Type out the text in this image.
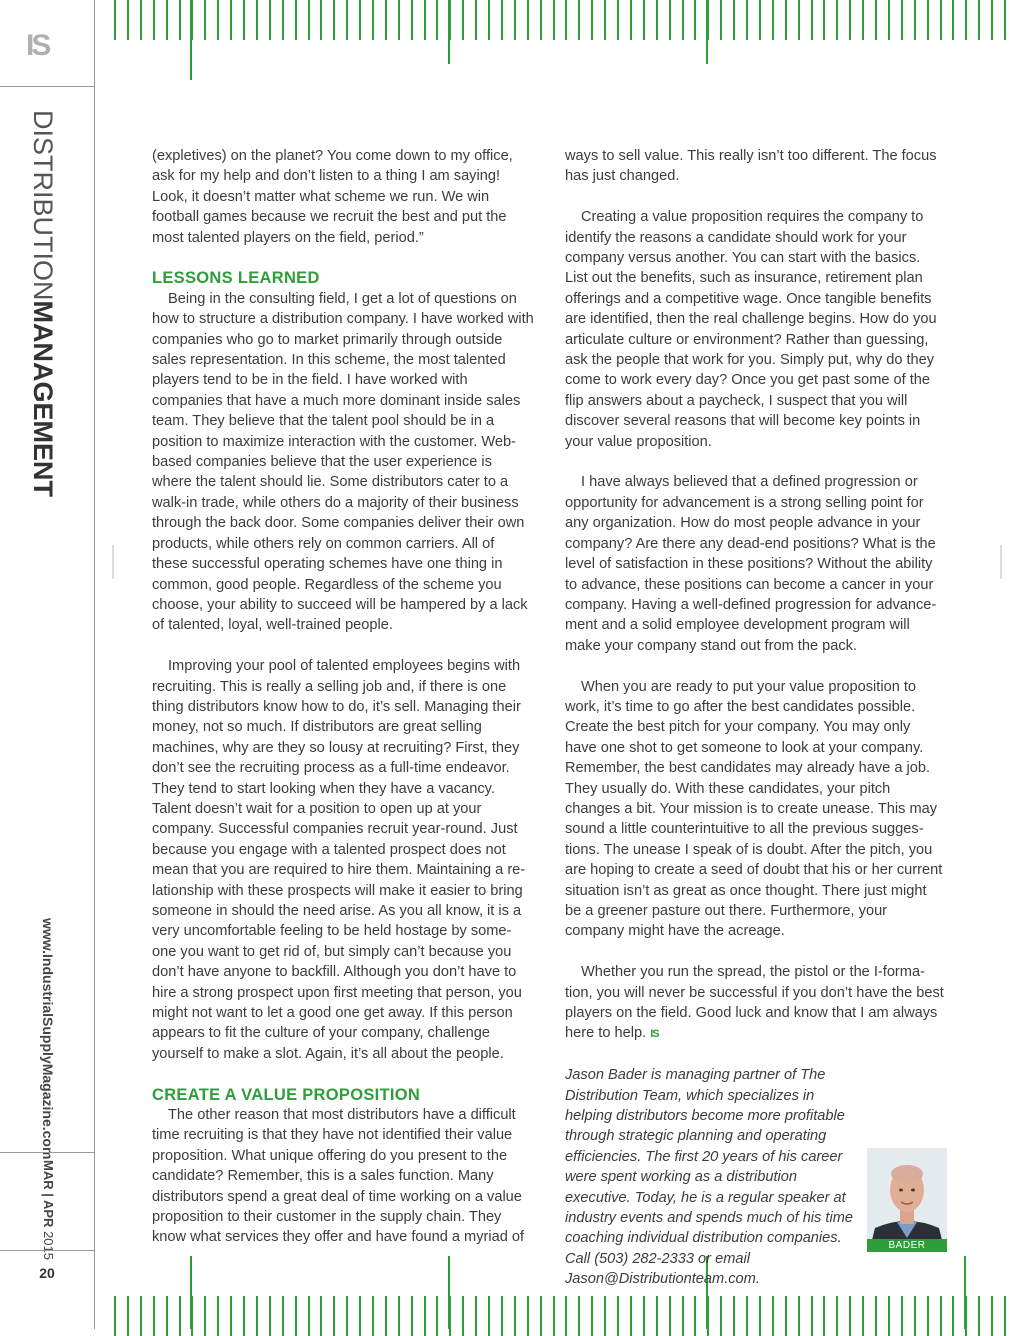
IS
DISTRIBUTIONMANAGEMENT
www.IndustrialSupplyMagazine.com
MAR | APR 2015
20

(expletives) on the planet? You come down to my office, ask for my help and don’t listen to a thing I am saying! Look, it doesn’t matter what scheme we run. We win football games because we recruit the best and put the most talented players on the field, period.”

LESSONS LEARNED

Being in the consulting field, I get a lot of questions on how to structure a distribution company. I have worked with companies who go to market primarily through outside sales representation. In this scheme, the most talented players tend to be in the field. I have worked with companies that have a much more dominant inside sales team. They believe that the talent pool should be in a position to maximize interaction with the customer. Web-based companies believe that the user experience is where the talent should lie. Some distributors cater to a walk-in trade, while others do a majority of their business through the back door. Some companies deliver their own products, while others rely on common carriers. All of these successful operating schemes have one thing in common, good people. Regardless of the scheme you choose, your ability to succeed will be hampered by a lack of talented, loyal, well-trained people.

Improving your pool of talented employees begins with recruiting. This is really a selling job and, if there is one thing distributors know how to do, it’s sell. Managing their money, not so much. If distributors are great selling machines, why are they so lousy at recruiting? First, they don’t see the recruiting process as a full-time endeavor. They tend to start looking when they have a vacancy. Talent doesn’t wait for a position to open up at your company. Successful companies recruit year-round. Just because you engage with a talented prospect does not mean that you are required to hire them. Maintaining a re-lationship with these prospects will make it easier to bring someone in should the need arise. As you all know, it is a very uncomfortable feeling to be held hostage by some-one you want to get rid of, but simply can’t because you don’t have anyone to backfill. Although you don’t have to hire a strong prospect upon first meeting that person, you might not want to let a good one get away. If this person appears to fit the culture of your company, challenge yourself to make a slot. Again, it’s all about the people.

CREATE A VALUE PROPOSITION

The other reason that most distributors have a difficult time recruiting is that they have not identified their value proposition. What unique offering do you present to the candidate? Remember, this is a sales function. Many distributors spend a great deal of time working on a value proposition to their customer in the supply chain. They know what services they offer and have found a myriad of

ways to sell value. This really isn’t too different. The focus has just changed.

Creating a value proposition requires the company to identify the reasons a candidate should work for your company versus another. You can start with the basics. List out the benefits, such as insurance, retirement plan offerings and a competitive wage. Once tangible benefits are identified, then the real challenge begins. How do you articulate culture or environment? Rather than guessing, ask the people that work for you. Simply put, why do they come to work every day? Once you get past some of the flip answers about a paycheck, I suspect that you will discover several reasons that will become key points in your value proposition.

I have always believed that a defined progression or opportunity for advancement is a strong selling point for any organization. How do most people advance in your company? Are there any dead-end positions? What is the level of satisfaction in these positions? Without the ability to advance, these positions can become a cancer in your company. Having a well-defined progression for advance-ment and a solid employee development program will make your company stand out from the pack.

When you are ready to put your value proposition to work, it’s time to go after the best candidates possible. Create the best pitch for your company. You may only have one shot to get someone to look at your company. Remember, the best candidates may already have a job. They usually do. With these candidates, your pitch changes a bit. Your mission is to create unease. This may sound a little counterintuitive to all the previous sugges-tions. The unease I speak of is doubt. After the pitch, you are hoping to create a seed of doubt that his or her current situation isn’t as great as once thought. There just might be a greener pasture out there. Furthermore, your company might have the acreage.

Whether you run the spread, the pistol or the I-forma-tion, you will never be successful if you don’t have the best players on the field. Good luck and know that I am always here to help. IS

Jason Bader is managing partner of The Distribution Team, which specializes in helping distributors become more profitable through strategic planning and operating efficiencies. The first 20 years of his career were spent working as a distribution executive. Today, he is a regular speaker at industry events and spends much of his time coaching individual distribution companies. Call (503) 282-2333 or email Jason@Distributionteam.com.

BADER
